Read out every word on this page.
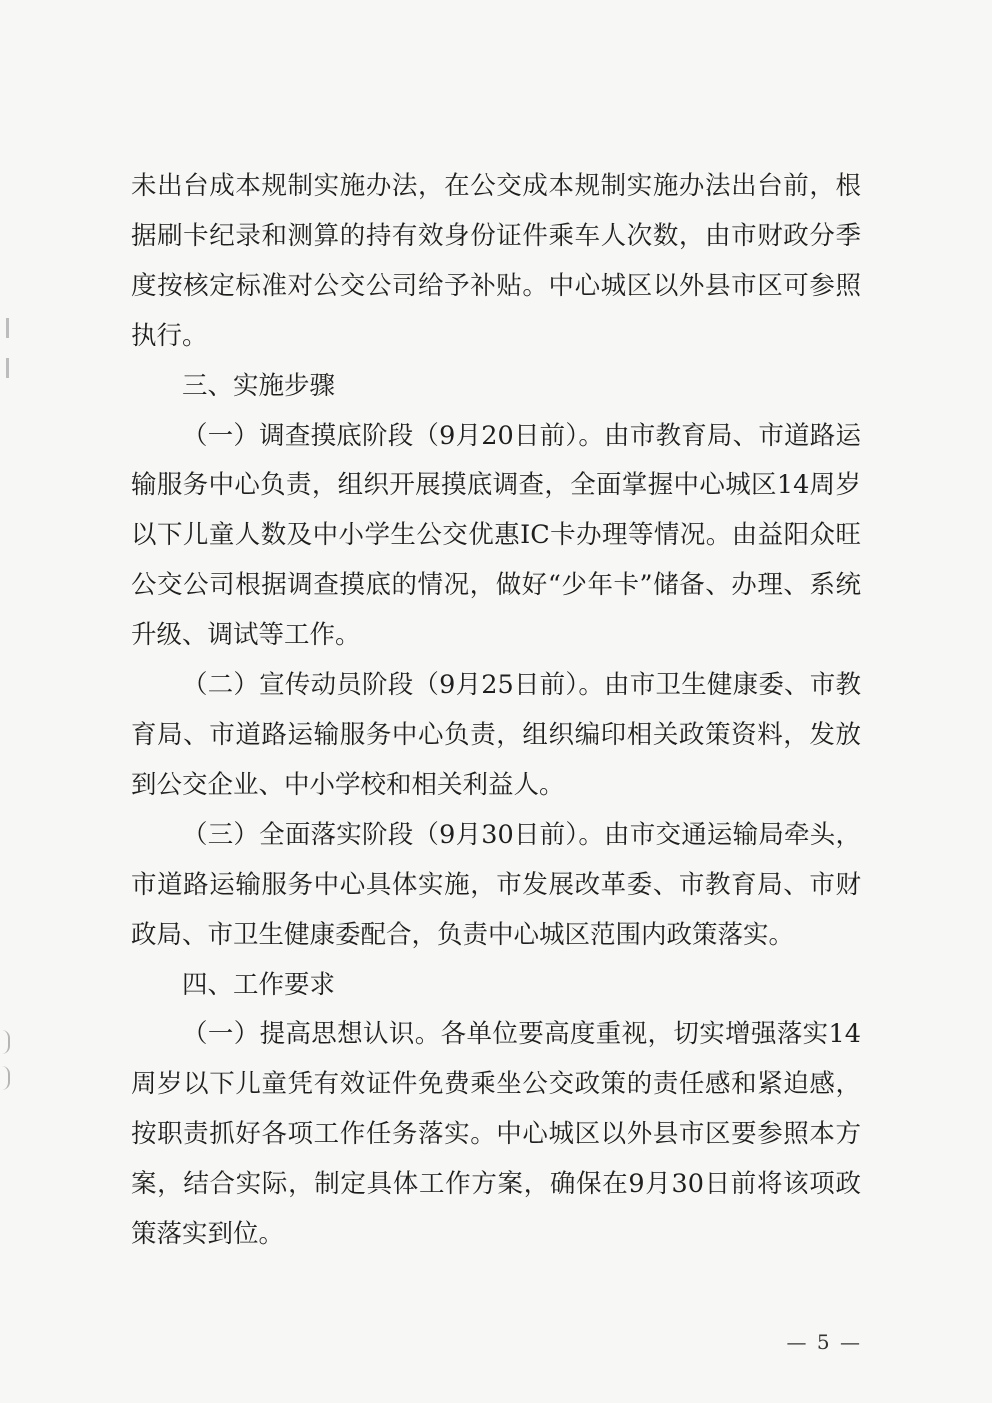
未出台成本规制实施办法，在公交成本规制实施办法出台前，根据刷卡纪录和测算的持有效身份证件乘车人次数，由市财政分季度按核定标准对公交公司给予补贴。中心城区以外县市区可参照执行。

三、实施步骤

（一）调查摸底阶段（9月20日前）。由市教育局、市道路运输服务中心负责，组织开展摸底调查，全面掌握中心城区14周岁以下儿童人数及中小学生公交优惠IC卡办理等情况。由益阳众旺公交公司根据调查摸底的情况，做好“少年卡”储备、办理、系统升级、调试等工作。

（二）宣传动员阶段（9月25日前）。由市卫生健康委、市教育局、市道路运输服务中心负责，组织编印相关政策资料，发放到公交企业、中小学校和相关利益人。

（三）全面落实阶段（9月30日前）。由市交通运输局牵头，市道路运输服务中心具体实施，市发展改革委、市教育局、市财政局、市卫生健康委配合，负责中心城区范围内政策落实。

四、工作要求

（一）提高思想认识。各单位要高度重视，切实增强落实14周岁以下儿童凭有效证件免费乘坐公交政策的责任感和紧迫感，按职责抓好各项工作任务落实。中心城区以外县市区要参照本方案，结合实际，制定具体工作方案，确保在9月30日前将该项政策落实到位。

— 5 —
